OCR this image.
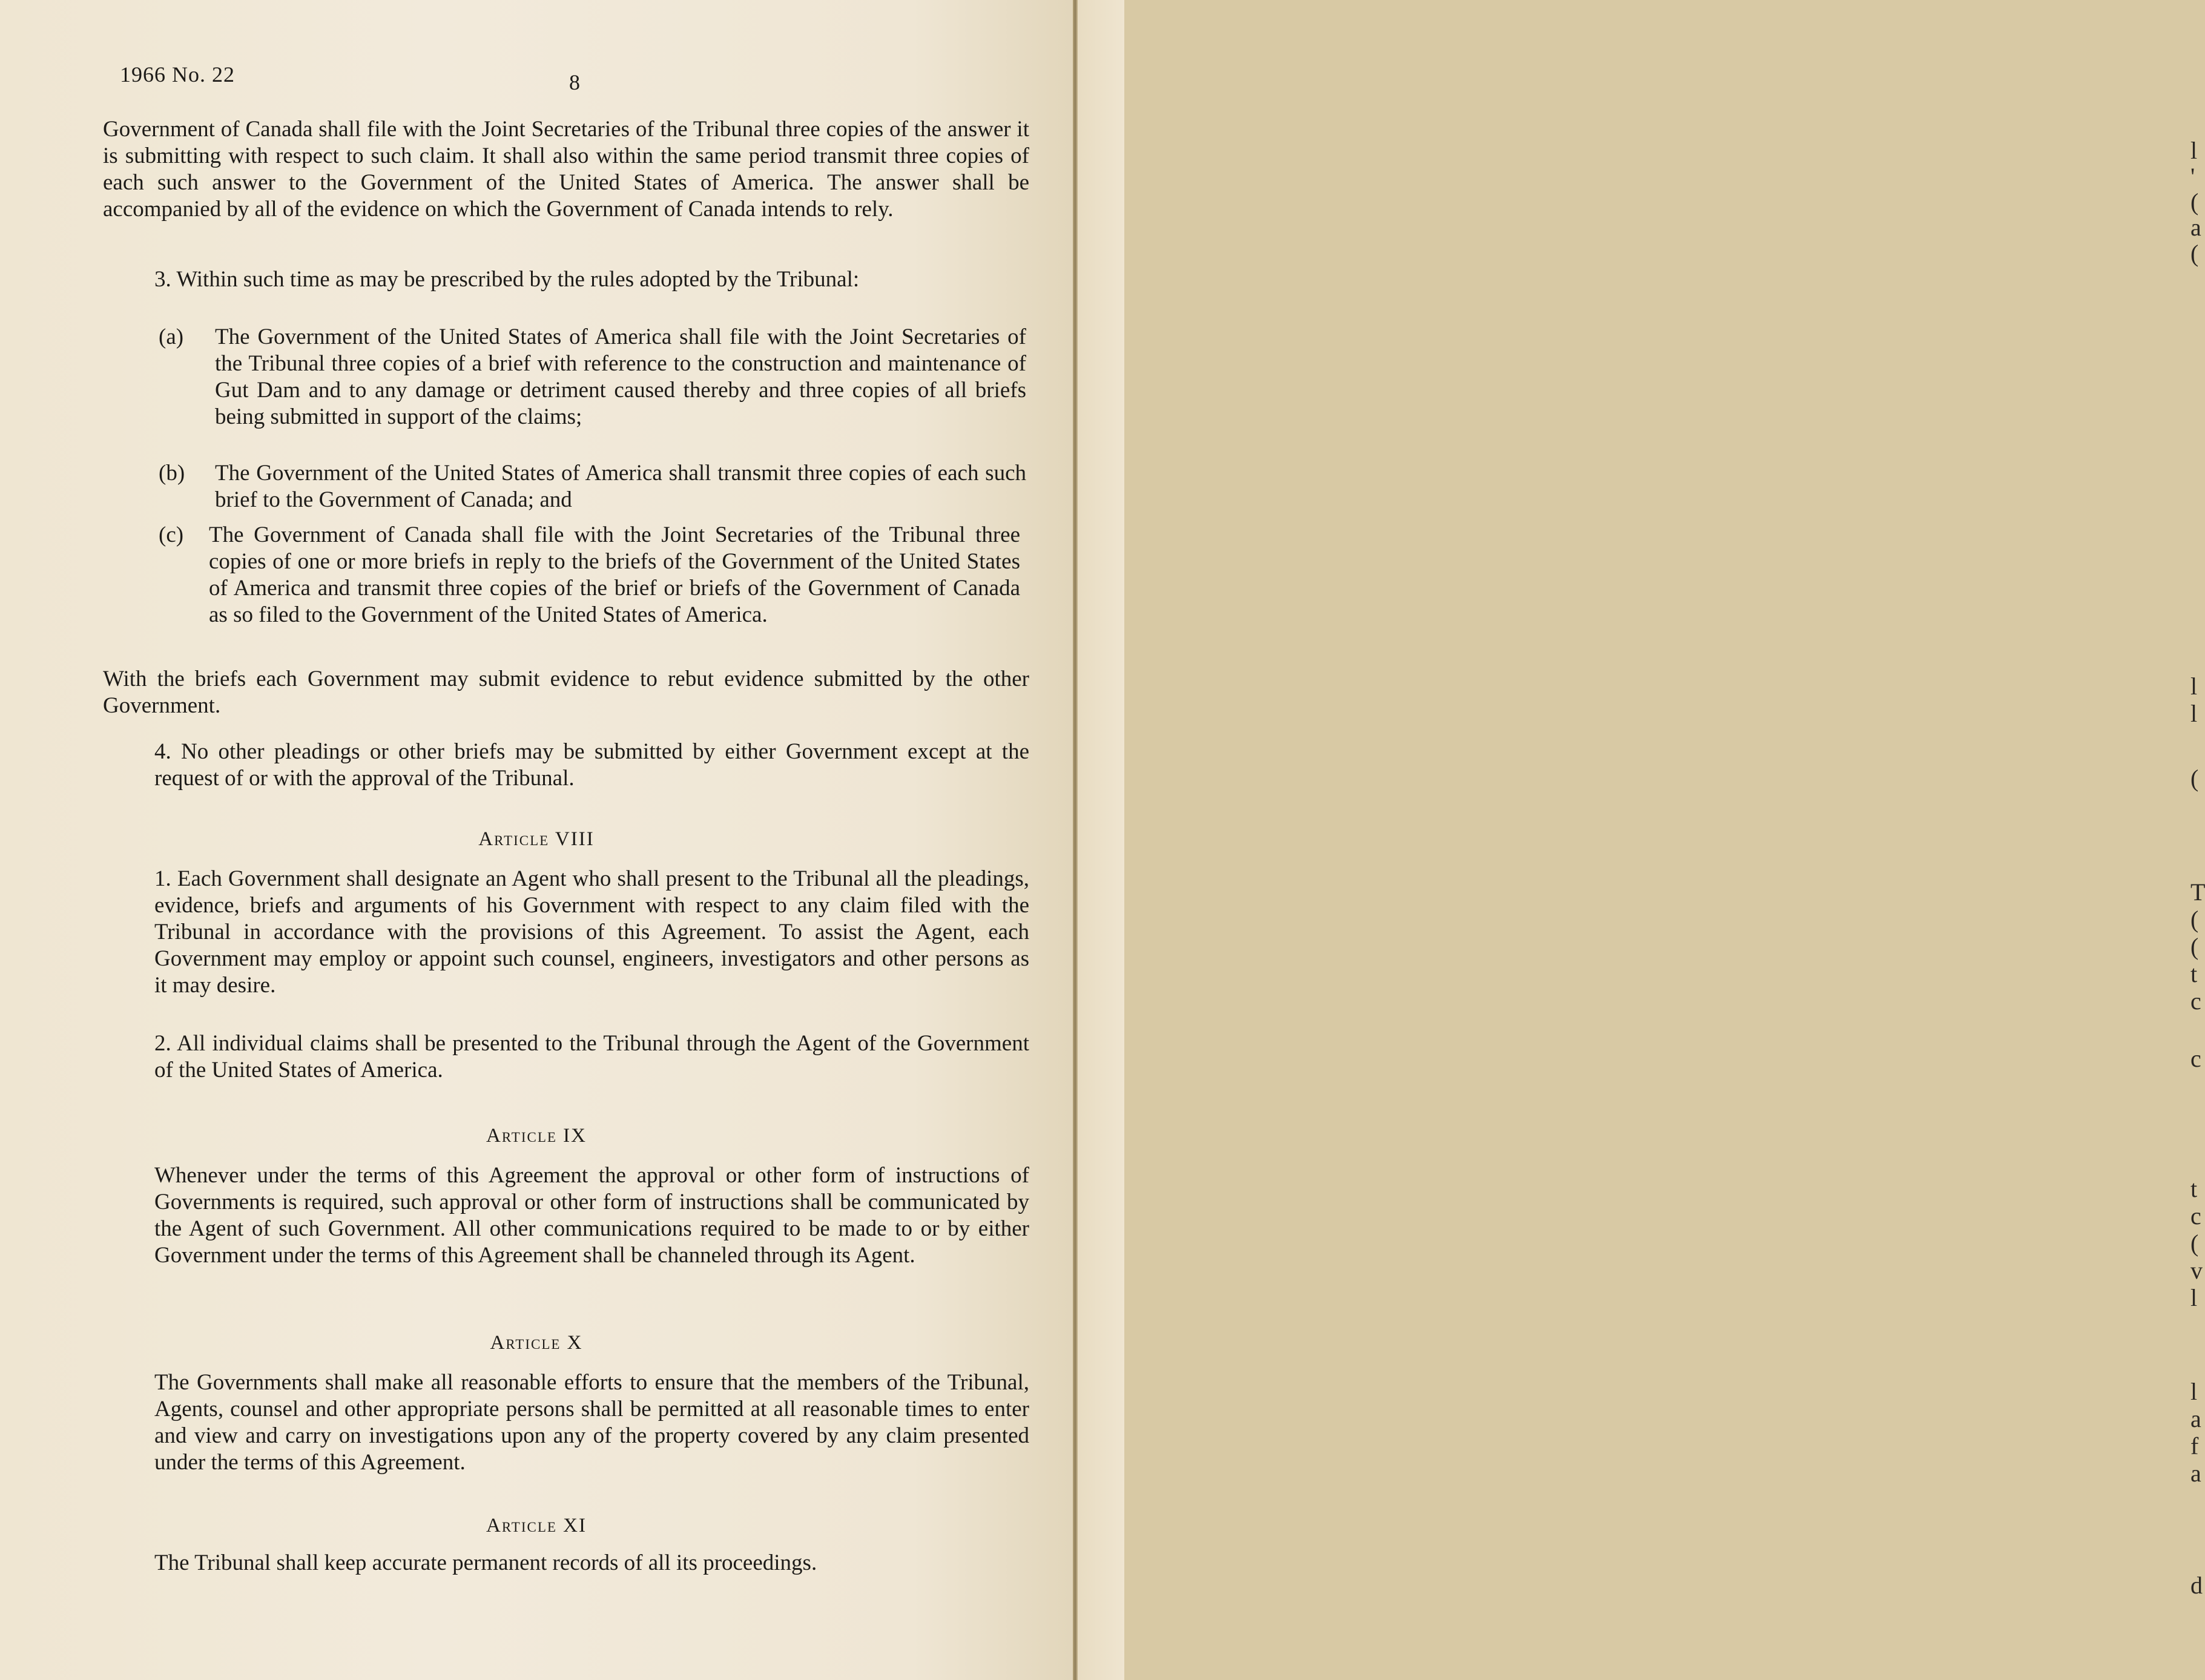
1966 No. 22	8
Government of Canada shall file with the Joint Secretaries of the Tribunal three copies of the answer it is submitting with respect to such claim. It shall also within the same period transmit three copies of each such answer to the Government of the United States of America. The answer shall be accompanied by all of the evidence on which the Government of Canada intends to rely.
3. Within such time as may be prescribed by the rules adopted by the Tribunal:
(a) The Government of the United States of America shall file with the Joint Secretaries of the Tribunal three copies of a brief with reference to the construction and maintenance of Gut Dam and to any damage or detriment caused thereby and three copies of all briefs being submitted in support of the claims;
(b) The Government of the United States of America shall transmit three copies of each such brief to the Government of Canada; and
(c) The Government of Canada shall file with the Joint Secretaries of the Tribunal three copies of one or more briefs in reply to the briefs of the Government of the United States of America and transmit three copies of the brief or briefs of the Government of Canada as so filed to the Government of the United States of America.
With the briefs each Government may submit evidence to rebut evidence submitted by the other Government.
4. No other pleadings or other briefs may be submitted by either Government except at the request of or with the approval of the Tribunal.
Article VIII
1. Each Government shall designate an Agent who shall present to the Tribunal all the pleadings, evidence, briefs and arguments of his Government with respect to any claim filed with the Tribunal in accordance with the provisions of this Agreement. To assist the Agent, each Government may employ or appoint such counsel, engineers, investigators and other persons as it may desire.
2. All individual claims shall be presented to the Tribunal through the Agent of the Government of the United States of America.
Article IX
Whenever under the terms of this Agreement the approval or other form of instructions of Governments is required, such approval or other form of instructions shall be communicated by the Agent of such Government. All other communications required to be made to or by either Government under the terms of this Agreement shall be channeled through its Agent.
Article X
The Governments shall make all reasonable efforts to ensure that the members of the Tribunal, Agents, counsel and other appropriate persons shall be permitted at all reasonable times to enter and view and carry on investigations upon any of the property covered by any claim presented under the terms of this Agreement.
Article XI
The Tribunal shall keep accurate permanent records of all its proceedings.
l
'
(
a
(
l
l
(
T
(
(
t
c
c
t
c
(
v
l
l
a
f
a
d
